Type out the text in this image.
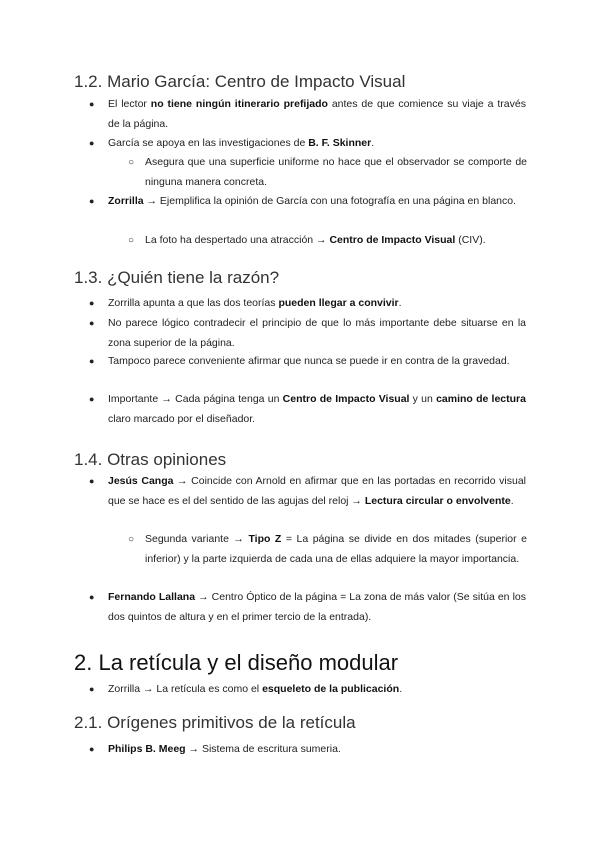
1.2. Mario García: Centro de Impacto Visual
● El lector no tiene ningún itinerario prefijado antes de que comience su viaje a través de la página.
● García se apoya en las investigaciones de B. F. Skinner.
○ Asegura que una superficie uniforme no hace que el observador se comporte de ninguna manera concreta.
● Zorrilla → Ejemplifica la opinión de García con una fotografía en una página en blanco.
○ La foto ha despertado una atracción → Centro de Impacto Visual (CIV).
1.3. ¿Quién tiene la razón?
● Zorrilla apunta a que las dos teorías pueden llegar a convivir.
● No parece lógico contradecir el principio de que lo más importante debe situarse en la zona superior de la página.
● Tampoco parece conveniente afirmar que nunca se puede ir en contra de la gravedad.
● Importante → Cada página tenga un Centro de Impacto Visual y un camino de lectura claro marcado por el diseñador.
1.4. Otras opiniones
● Jesús Canga → Coincide con Arnold en afirmar que en las portadas en recorrido visual que se hace es el del sentido de las agujas del reloj → Lectura circular o envolvente.
○ Segunda variante → Tipo Z = La página se divide en dos mitades (superior e inferior) y la parte izquierda de cada una de ellas adquiere la mayor importancia.
● Fernando Lallana → Centro Óptico de la página = La zona de más valor (Se sitúa en los dos quintos de altura y en el primer tercio de la entrada).
2. La retícula y el diseño modular
● Zorrilla → La retícula es como el esqueleto de la publicación.
2.1. Orígenes primitivos de la retícula
● Philips B. Meeg → Sistema de escritura sumeria.
